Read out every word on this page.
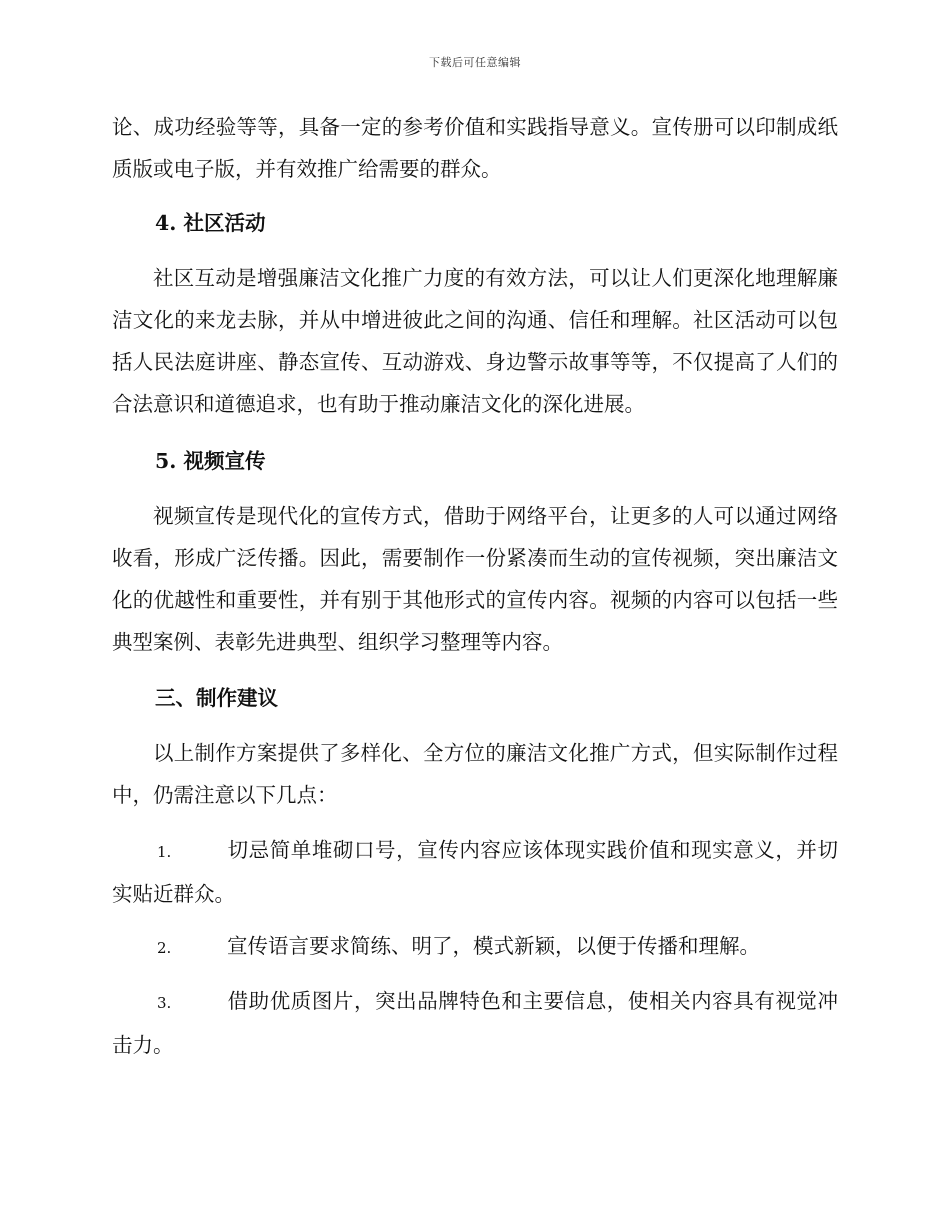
下载后可任意编辑

论、成功经验等等，具备一定的参考价值和实践指导意义。宣传册可以印制成纸质版或电子版，并有效推广给需要的群众。

4. 社区活动

社区互动是增强廉洁文化推广力度的有效方法，可以让人们更深化地理解廉洁文化的来龙去脉，并从中增进彼此之间的沟通、信任和理解。社区活动可以包括人民法庭讲座、静态宣传、互动游戏、身边警示故事等等，不仅提高了人们的合法意识和道德追求，也有助于推动廉洁文化的深化进展。

5. 视频宣传

视频宣传是现代化的宣传方式，借助于网络平台，让更多的人可以通过网络收看，形成广泛传播。因此，需要制作一份紧凑而生动的宣传视频，突出廉洁文化的优越性和重要性，并有别于其他形式的宣传内容。视频的内容可以包括一些典型案例、表彰先进典型、组织学习整理等内容。

三、制作建议

以上制作方案提供了多样化、全方位的廉洁文化推广方式，但实际制作过程中，仍需注意以下几点：

1.	切忌简单堆砌口号，宣传内容应该体现实践价值和现实意义，并切实贴近群众。

2.	宣传语言要求简练、明了，模式新颖，以便于传播和理解。

3.	借助优质图片，突出品牌特色和主要信息，使相关内容具有视觉冲击力。
